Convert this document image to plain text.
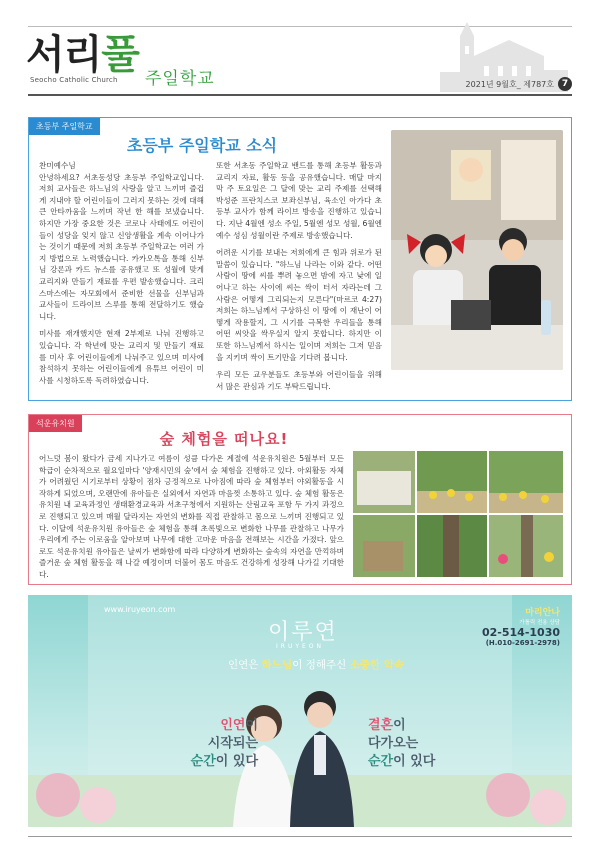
서리풀
Seocho Catholic Church 주일학교	2021년 9월호_ 제787호 7
초등부 주일학교
초등부 주일학교 소식

찬미예수님

안녕하세요? 서초동성당 초등부 주일학교입니다. 저희 교사들은 하느님의 사랑을 알고 느끼며 즐겁게 지내야 할 어린이들이 그러지 못하는 것에 대해 큰 안타까움을 느끼며 작년 한 해를 보냈습니다. 하지만 가장 중요한 것은 코로나 사태에도 어린이들이 성당을 잊지 않고 신앙생활을 계속 이어나가는 것이기 때문에 저희 초등부 주일학교는 여러 가지 방법으로 노력했습니다. 카카오톡을 통해 신부님 강론과 카드 뉴스를 공유했고 또 성월에 맞게 교리지와 만들기 재료를 우편 발송했습니다. 크리스마스에는 자모회에서 준비한 선물을 신부님과 교사들이 드라이브 스루를 통해 전달하기도 했습니다.

미사를 재개했지만 현재 2부제로 나눠 진행하고 있습니다. 각 학년에 맞는 교리지 및 만들기 재료를 미사 후 어린이들에게 나눠주고 있으며 미사에 참석하지 못하는 어린이들에게 유튜브 어린이 미사를 시청하도록 독려하였습니다.

또한 서초동 주일학교 밴드를 통해 초등부 활동과 교리지 자료, 활동 등을 공유했습니다. 매달 마지막 주 토요일은 그 달에 맞는 교리 주제를 선택해 박성준 프란치스코 보좌신부님, 육소인 아가다 초등부 교사가 함께 라이브 방송을 진행하고 있습니다. 지난 4월엔 성소 주일, 5월엔 성모 성월, 6월엔 예수 성심 성월이란 주제로 방송했습니다.

어려운 시기를 보내는 저희에게 큰 힘과 위로가 된 말씀이 있습니다. "하느님 나라는 이와 같다. 어떤 사람이 땅에 씨를 뿌려 놓으면 밤에 자고 낮에 일어나고 하는 사이에 씨는 싹이 터서 자라는데 그 사람은 어떻게 그리되는지 모른다"(마르코 4:27) 저희는 하느님께서 구상하신 이 땅에 이 재난이 어떻게 작용할지, 그 시기를 극복한 우리들을 통해 어떤 씨앗을 싹우실지 알지 못합니다. 하지만 이 또한 하느님께서 하시는 일이며 저희는 그저 믿음을 지키며 싹이 트기만을 기다려 봅니다.

우리 모든 교우분들도 초등부와 어린이들을 위해서 많은 관심과 기도 부탁드립니다.

석운유치원
숲 체험을 떠나요!

어느덧 봄이 왔다가 금세 지나가고 여름이 성큼 다가온 계절에 석운유치원은 5월부터 모든 학급이 순차적으로 월요일마다 '양재시민의 숲'에서 숲 체험을 진행하고 있다. 아외활동 자체가 어려웠던 시기로부터 상황이 점차 긍정적으로 나아짐에 따라 숲 체험부터 야외활동을 시작하게 되었으며, 오랜만에 유아들은 실외에서 자연과 마음껏 소통하고 있다. 숲 체험 활동은 유치원 내 교육과정인 생태환경교육과 서초구청에서 지원하는 산림교육 포함 두 가지 과정으로 진행되고 있으며 매월 달라지는 자연의 변화를 직접 관찰하고 몸으로 느끼며 진행되고 있다. 이달에 석운유치원 유아들은 숲 체험을 통해 초록빛으로 변화한 나무를 관찰하고 나무가 우리에게 주는 이로움을 알아보며 나무에 대한 고마운 마음을 전해보는 시간을 가졌다. 앞으로도 석운유치원 유아들은 날씨가 변화함에 따라 다양하게 변화하는 숲속의 자연을 만끽하며 즐거운 숲 체험 활동을 해 나갈 예정이며 더불어 몸도 마음도 건강하게 성장해 나가길 기대한다.

www.iruyeon.com
이루연
IRUYEON
인연은 하느님이 정해주신 소중한 약속
마리안나
가톨릭 전용 상담
02-514-1030
(H.010-2691-2978)
인연이
시작되는
순간이 있다
결혼이
다가오는
순간이 있다
